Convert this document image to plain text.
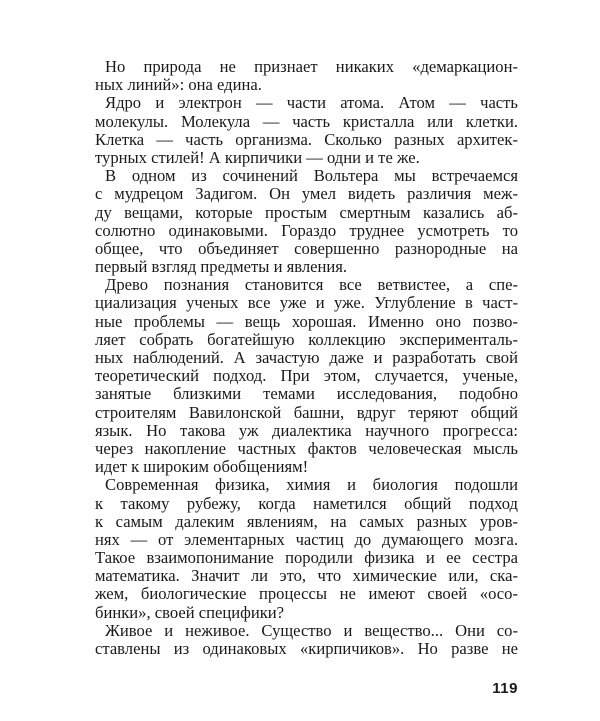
Но природа не признает никаких «демаркацион-
ных линий»: она едина.
Ядро и электрон — части атома. Атом — часть
молекулы. Молекула — часть кристалла или клетки.
Клетка — часть организма. Сколько разных архитек-
турных стилей! А кирпичики — одни и те же.
В одном из сочинений Вольтера мы встречаемся
с мудрецом Задигом. Он умел видеть различия меж-
ду вещами, которые простым смертным казались аб-
солютно одинаковыми. Гораздо труднее усмотреть то
общее, что объединяет совершенно разнородные на
первый взгляд предметы и явления.
Древо познания становится все ветвистее, а спе-
циализация ученых все уже и уже. Углубление в част-
ные проблемы — вещь хорошая. Именно оно позво-
ляет собрать богатейшую коллекцию эксперименталь-
ных наблюдений. А зачастую даже и разработать свой
теоретический подход. При этом, случается, ученые,
занятые близкими темами исследования, подобно
строителям Вавилонской башни, вдруг теряют общий
язык. Но такова уж диалектика научного прогресса:
через накопление частных фактов человеческая мысль
идет к широким обобщениям!
Современная физика, химия и биология подошли
к такому рубежу, когда наметился общий подход
к самым далеким явлениям, на самых разных уров-
нях — от элементарных частиц до думающего мозга.
Такое взаимопонимание породили физика и ее сестра
математика. Значит ли это, что химические или, ска-
жем, биологические процессы не имеют своей «осо-
бинки», своей специфики?
Живое и неживое. Существо и вещество... Они со-
ставлены из одинаковых «кирпичиков». Но разве не
119
